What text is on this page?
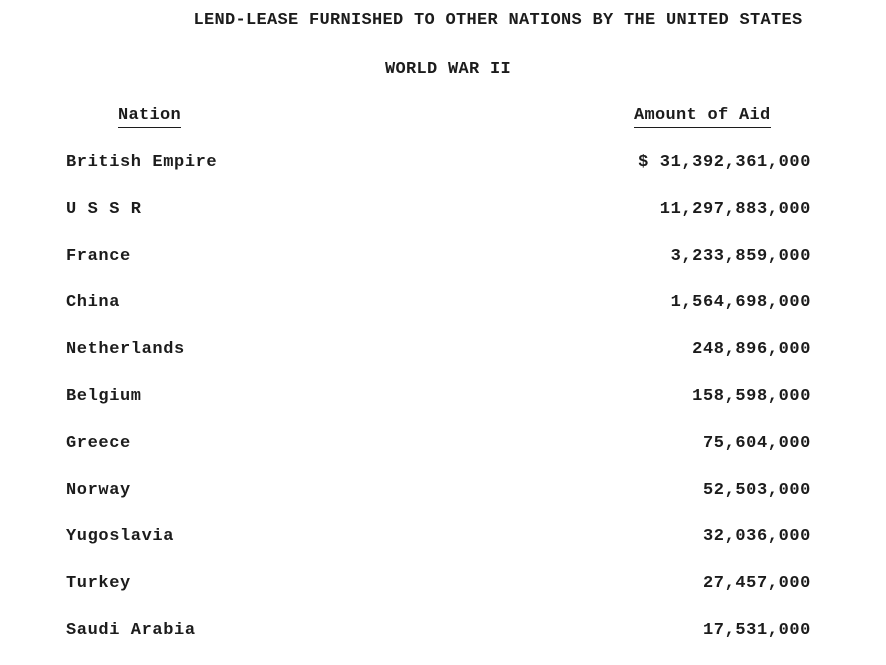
LEND-LEASE FURNISHED TO OTHER NATIONS BY THE UNITED STATES
WORLD WAR II
Nation	Amount of Aid
British Empire	$ 31,392,361,000
U S S R	11,297,883,000
France	3,233,859,000
China	1,564,698,000
Netherlands	248,896,000
Belgium	158,598,000
Greece	75,604,000
Norway	52,503,000
Yugoslavia	32,036,000
Turkey	27,457,000
Saudi Arabia	17,531,000
